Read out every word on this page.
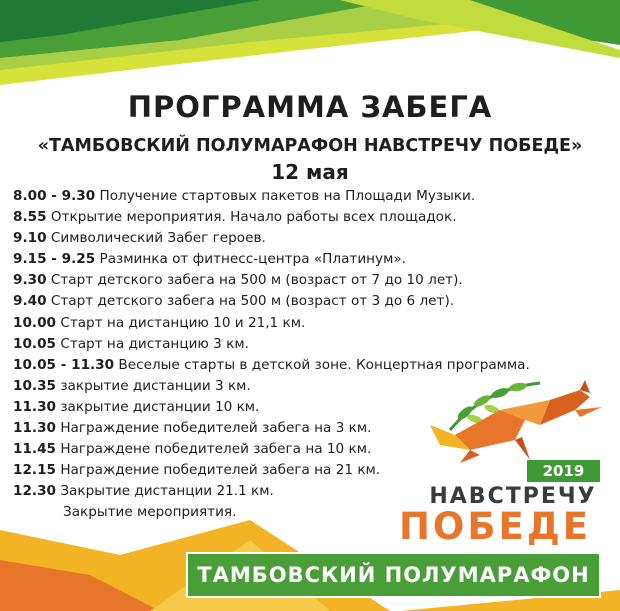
ПРОГРАММА ЗАБЕГА
«ТАМБОВСКИЙ ПОЛУМАРАФОН НАВСТРЕЧУ ПОБЕДЕ»
12 мая
8.00 - 9.30 Получение стартовых пакетов на Площади Музыки.
8.55 Открытие мероприятия. Начало работы всех площадок.
9.10 Символический Забег героев.
9.15 - 9.25 Разминка от фитнесс-центра «Платинум».
9.30 Старт детского забега на 500 м (возраст от 7 до 10 лет).
9.40 Старт детского забега на 500 м (возраст от 3 до 6 лет).
10.00 Старт на дистанцию 10 и 21,1 км.
10.05 Старт на дистанцию 3 км.
10.05 - 11.30 Веселые старты в детской зоне. Концертная программа.
10.35 закрытие дистанции 3 км.
11.30 закрытие дистанции 10 км.
11.30 Награждение победителей забега на 3 км.
11.45 Награждене победителей забега на 10 км.
12.15 Награждение победителей забега на 21 км.
12.30 Закрытие дистанции 21.1 км.
Закрытие мероприятия.
2019
НАВСТРЕЧУ
ПОБЕДЕ
ТАМБОВСКИЙ ПОЛУМАРАФОН
